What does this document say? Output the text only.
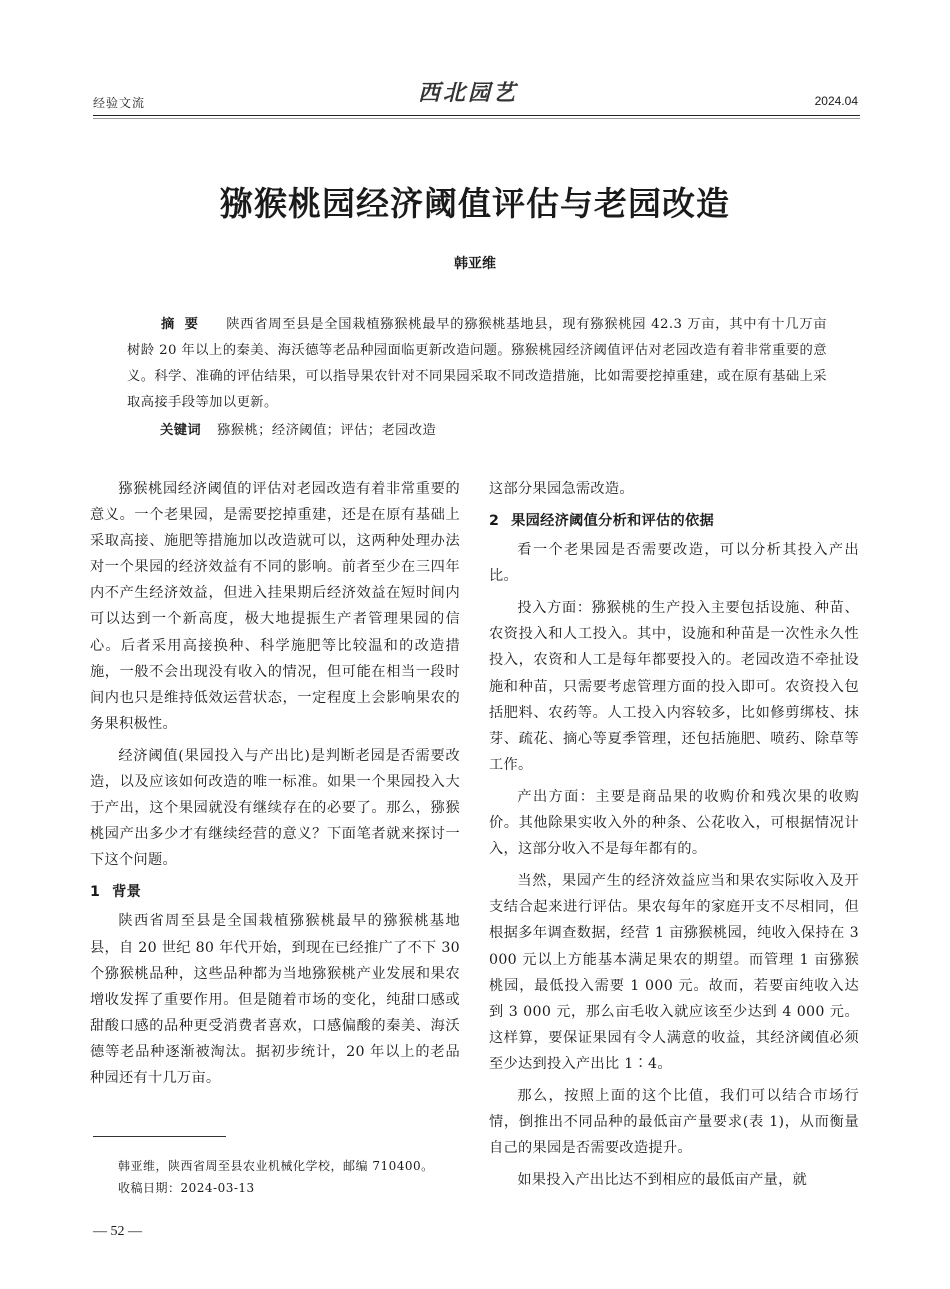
经验文流	西北园艺	2024.04
猕猴桃园经济阈值评估与老园改造
韩亚维
摘要 陕西省周至县是全国栽植猕猴桃最早的猕猴桃基地县，现有猕猴桃园 42.3 万亩，其中有十几万亩树龄 20 年以上的秦美、海沃德等老品种园面临更新改造问题。猕猴桃园经济阈值评估对老园改造有着非常重要的意义。科学、准确的评估结果，可以指导果农针对不同果园采取不同改造措施，比如需要挖掉重建，或在原有基础上采取高接手段等加以更新。
关键词 猕猴桃；经济阈值；评估；老园改造

猕猴桃园经济阈值的评估对老园改造有着非常重要的意义。一个老果园，是需要挖掉重建，还是在原有基础上采取高接、施肥等措施加以改造就可以，这两种处理办法对一个果园的经济效益有不同的影响。前者至少在三四年内不产生经济效益，但进入挂果期后经济效益在短时间内可以达到一个新高度，极大地提振生产者管理果园的信心。后者采用高接换种、科学施肥等比较温和的改造措施，一般不会出现没有收入的情况，但可能在相当一段时间内也只是维持低效运营状态，一定程度上会影响果农的务果积极性。

经济阈值(果园投入与产出比)是判断老园是否需要改造，以及应该如何改造的唯一标准。如果一个果园投入大于产出，这个果园就没有继续存在的必要了。那么，猕猴桃园产出多少才有继续经营的意义？下面笔者就来探讨一下这个问题。

1 背景

陕西省周至县是全国栽植猕猴桃最早的猕猴桃基地县，自 20 世纪 80 年代开始，到现在已经推广了不下 30 个猕猴桃品种，这些品种都为当地猕猴桃产业发展和果农增收发挥了重要作用。但是随着市场的变化，纯甜口感或甜酸口感的品种更受消费者喜欢，口感偏酸的秦美、海沃德等老品种逐渐被淘汰。据初步统计，20 年以上的老品种园还有十几万亩。

这部分果园急需改造。

2 果园经济阈值分析和评估的依据

看一个老果园是否需要改造，可以分析其投入产出比。

投入方面：猕猴桃的生产投入主要包括设施、种苗、农资投入和人工投入。其中，设施和种苗是一次性永久性投入，农资和人工是每年都要投入的。老园改造不牵扯设施和种苗，只需要考虑管理方面的投入即可。农资投入包括肥料、农药等。人工投入内容较多，比如修剪绑枝、抹芽、疏花、摘心等夏季管理，还包括施肥、喷药、除草等工作。

产出方面：主要是商品果的收购价和残次果的收购价。其他除果实收入外的种条、公花收入，可根据情况计入，这部分收入不是每年都有的。

当然，果园产生的经济效益应当和果农实际收入及开支结合起来进行评估。果农每年的家庭开支不尽相同，但根据多年调查数据，经营 1 亩猕猴桃园，纯收入保持在 3 000 元以上方能基本满足果农的期望。而管理 1 亩猕猴桃园，最低投入需要 1 000 元。故而，若要亩纯收入达到 3 000 元，那么亩毛收入就应该至少达到 4 000 元。这样算，要保证果园有令人满意的收益，其经济阈值必须至少达到投入产出比 1∶4。

那么，按照上面的这个比值，我们可以结合市场行情，倒推出不同品种的最低亩产量要求(表 1)，从而衡量自己的果园是否需要改造提升。

如果投入产出比达不到相应的最低亩产量，就

韩亚维，陕西省周至县农业机械化学校，邮编 710400。
收稿日期：2024-03-13
— 52 —
